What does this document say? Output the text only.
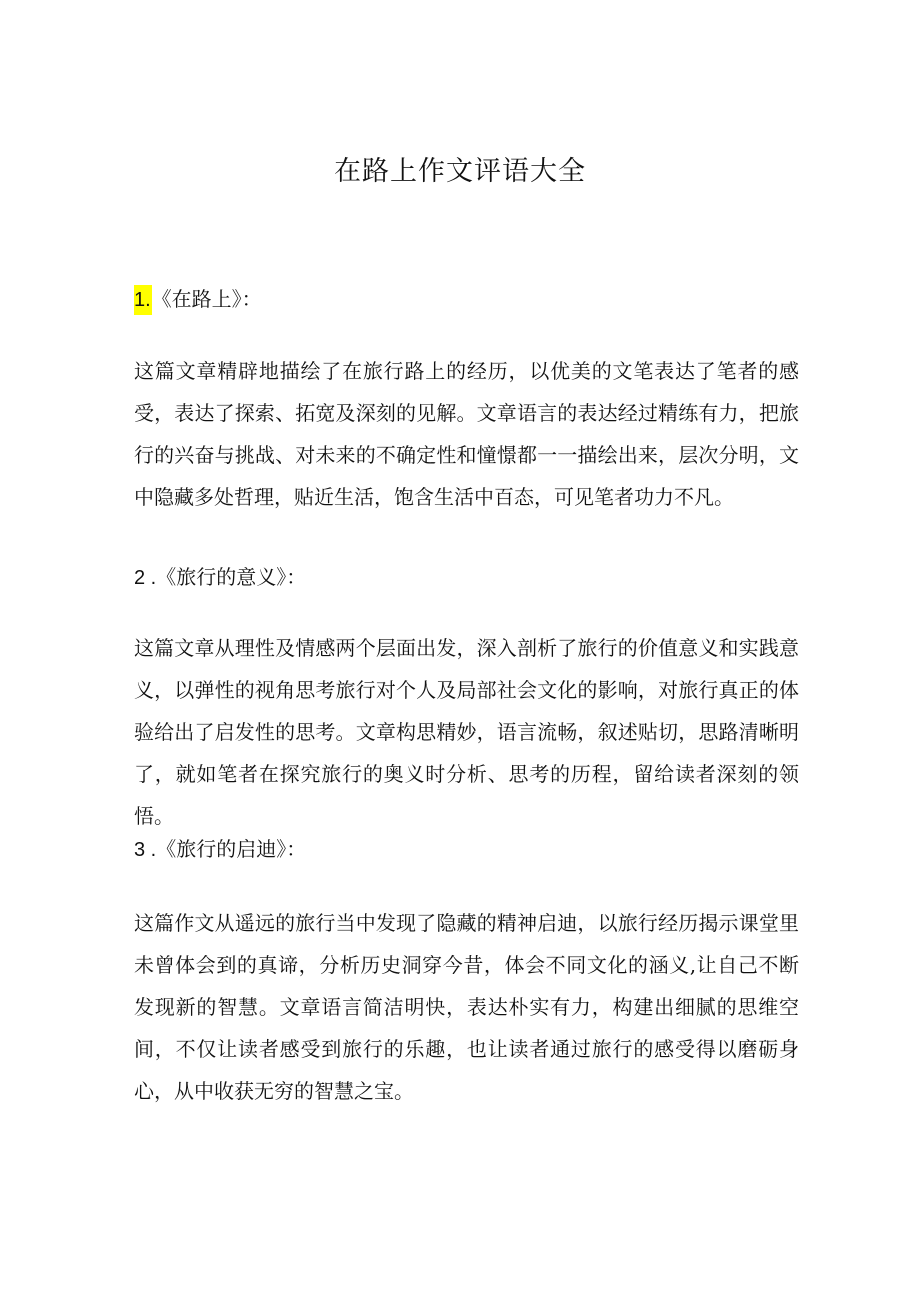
在路上作文评语大全

1.《在路上》：

这篇文章精辟地描绘了在旅行路上的经历，以优美的文笔表达了笔者的感受，表达了探索、拓宽及深刻的见解。文章语言的表达经过精练有力，把旅行的兴奋与挑战、对未来的不确定性和憧憬都一一描绘出来，层次分明，文中隐藏多处哲理，贴近生活，饱含生活中百态，可见笔者功力不凡。

2 .《旅行的意义》：

这篇文章从理性及情感两个层面出发，深入剖析了旅行的价值意义和实践意义，以弹性的视角思考旅行对个人及局部社会文化的影响，对旅行真正的体验给出了启发性的思考。文章构思精妙，语言流畅，叙述贴切，思路清晰明了，就如笔者在探究旅行的奥义时分析、思考的历程，留给读者深刻的领悟。

3 .《旅行的启迪》：

这篇作文从遥远的旅行当中发现了隐藏的精神启迪，以旅行经历揭示课堂里未曾体会到的真谛，分析历史洞穿今昔，体会不同文化的涵义,让自己不断发现新的智慧。文章语言简洁明快，表达朴实有力，构建出细腻的思维空间，不仅让读者感受到旅行的乐趣，也让读者通过旅行的感受得以磨砺身心，从中收获无穷的智慧之宝。
